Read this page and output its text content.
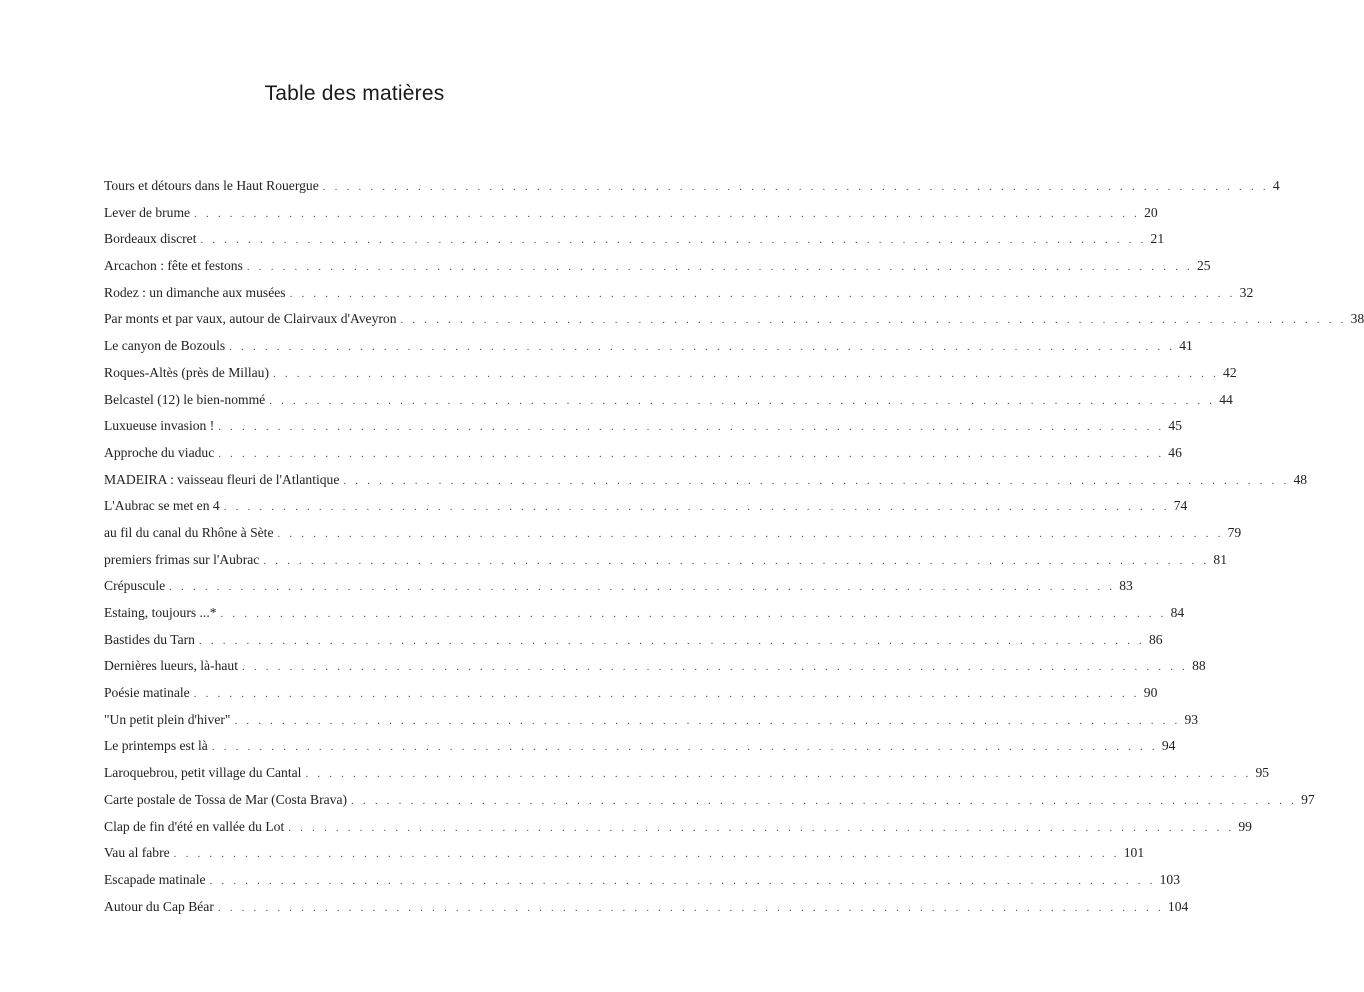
Table des matières
Tours et détours dans le Haut Rouergue . . . . . . . . . . . . . . . . . . . . . . . . . . . . . . . . . . . . . . . . . . . . . . . . . . . . . . . . . . . . . . . . . . . . . . . . . . . . . . . . 4
Lever de brume . . . . . . . . . . . . . . . . . . . . . . . . . . . . . . . . . . . . . . . . . . . . . . . . . . . . . . . . . . . . . . . . . . . . . . . . . . . . . . . . 20
Bordeaux discret . . . . . . . . . . . . . . . . . . . . . . . . . . . . . . . . . . . . . . . . . . . . . . . . . . . . . . . . . . . . . . . . . . . . . . . . . . . . . . . . 21
Arcachon : fête et festons . . . . . . . . . . . . . . . . . . . . . . . . . . . . . . . . . . . . . . . . . . . . . . . . . . . . . . . . . . . . . . . . . . . . . . . . . . . . . . . . 25
Rodez : un dimanche aux musées . . . . . . . . . . . . . . . . . . . . . . . . . . . . . . . . . . . . . . . . . . . . . . . . . . . . . . . . . . . . . . . . . . . . . . . . . . . . . . . . 32
Par monts et par vaux, autour de Clairvaux d'Aveyron . . . . . . . . . . . . . . . . . . . . . . . . . . . . . . . . . . . . . . . . . . . . . . . . . . . . . . . . . . . . . . . . . . . . . . . . . . . . . . . . 38
Le canyon de Bozouls . . . . . . . . . . . . . . . . . . . . . . . . . . . . . . . . . . . . . . . . . . . . . . . . . . . . . . . . . . . . . . . . . . . . . . . . . . . . . . . . 41
Roques-Altès (près de Millau) . . . . . . . . . . . . . . . . . . . . . . . . . . . . . . . . . . . . . . . . . . . . . . . . . . . . . . . . . . . . . . . . . . . . . . . . . . . . . . . . 42
Belcastel (12) le bien-nommé . . . . . . . . . . . . . . . . . . . . . . . . . . . . . . . . . . . . . . . . . . . . . . . . . . . . . . . . . . . . . . . . . . . . . . . . . . . . . . . . 44
Luxueuse invasion ! . . . . . . . . . . . . . . . . . . . . . . . . . . . . . . . . . . . . . . . . . . . . . . . . . . . . . . . . . . . . . . . . . . . . . . . . . . . . . . . . 45
Approche du viaduc . . . . . . . . . . . . . . . . . . . . . . . . . . . . . . . . . . . . . . . . . . . . . . . . . . . . . . . . . . . . . . . . . . . . . . . . . . . . . . . . 46
MADEIRA : vaisseau fleuri de l'Atlantique . . . . . . . . . . . . . . . . . . . . . . . . . . . . . . . . . . . . . . . . . . . . . . . . . . . . . . . . . . . . . . . . . . . . . . . . . . . . . . . . 48
L'Aubrac se met en 4 . . . . . . . . . . . . . . . . . . . . . . . . . . . . . . . . . . . . . . . . . . . . . . . . . . . . . . . . . . . . . . . . . . . . . . . . . . . . . . . . 74
au fil du canal du Rhône à Sète . . . . . . . . . . . . . . . . . . . . . . . . . . . . . . . . . . . . . . . . . . . . . . . . . . . . . . . . . . . . . . . . . . . . . . . . . . . . . . . . 79
premiers frimas sur l'Aubrac . . . . . . . . . . . . . . . . . . . . . . . . . . . . . . . . . . . . . . . . . . . . . . . . . . . . . . . . . . . . . . . . . . . . . . . . . . . . . . . . 81
Crépuscule . . . . . . . . . . . . . . . . . . . . . . . . . . . . . . . . . . . . . . . . . . . . . . . . . . . . . . . . . . . . . . . . . . . . . . . . . . . . . . . . 83
Estaing, toujours ...* . . . . . . . . . . . . . . . . . . . . . . . . . . . . . . . . . . . . . . . . . . . . . . . . . . . . . . . . . . . . . . . . . . . . . . . . . . . . . . . . 84
Bastides du Tarn . . . . . . . . . . . . . . . . . . . . . . . . . . . . . . . . . . . . . . . . . . . . . . . . . . . . . . . . . . . . . . . . . . . . . . . . . . . . . . . . 86
Dernières lueurs, là-haut . . . . . . . . . . . . . . . . . . . . . . . . . . . . . . . . . . . . . . . . . . . . . . . . . . . . . . . . . . . . . . . . . . . . . . . . . . . . . . . . 88
Poésie matinale . . . . . . . . . . . . . . . . . . . . . . . . . . . . . . . . . . . . . . . . . . . . . . . . . . . . . . . . . . . . . . . . . . . . . . . . . . . . . . . . 90
"Un petit plein d'hiver" . . . . . . . . . . . . . . . . . . . . . . . . . . . . . . . . . . . . . . . . . . . . . . . . . . . . . . . . . . . . . . . . . . . . . . . . . . . . . . . . 93
Le printemps est là . . . . . . . . . . . . . . . . . . . . . . . . . . . . . . . . . . . . . . . . . . . . . . . . . . . . . . . . . . . . . . . . . . . . . . . . . . . . . . . . 94
Laroquebrou, petit village du Cantal . . . . . . . . . . . . . . . . . . . . . . . . . . . . . . . . . . . . . . . . . . . . . . . . . . . . . . . . . . . . . . . . . . . . . . . . . . . . . . . . 95
Carte postale de Tossa de Mar (Costa Brava) . . . . . . . . . . . . . . . . . . . . . . . . . . . . . . . . . . . . . . . . . . . . . . . . . . . . . . . . . . . . . . . . . . . . . . . . . . . . . . . . 97
Clap de fin d'été en vallée du Lot . . . . . . . . . . . . . . . . . . . . . . . . . . . . . . . . . . . . . . . . . . . . . . . . . . . . . . . . . . . . . . . . . . . . . . . . . . . . . . . . 99
Vau al fabre . . . . . . . . . . . . . . . . . . . . . . . . . . . . . . . . . . . . . . . . . . . . . . . . . . . . . . . . . . . . . . . . . . . . . . . . . . . . . . . . 101
Escapade matinale . . . . . . . . . . . . . . . . . . . . . . . . . . . . . . . . . . . . . . . . . . . . . . . . . . . . . . . . . . . . . . . . . . . . . . . . . . . . . . . . 103
Autour du Cap Béar . . . . . . . . . . . . . . . . . . . . . . . . . . . . . . . . . . . . . . . . . . . . . . . . . . . . . . . . . . . . . . . . . . . . . . . . . . . . . . . . 104
